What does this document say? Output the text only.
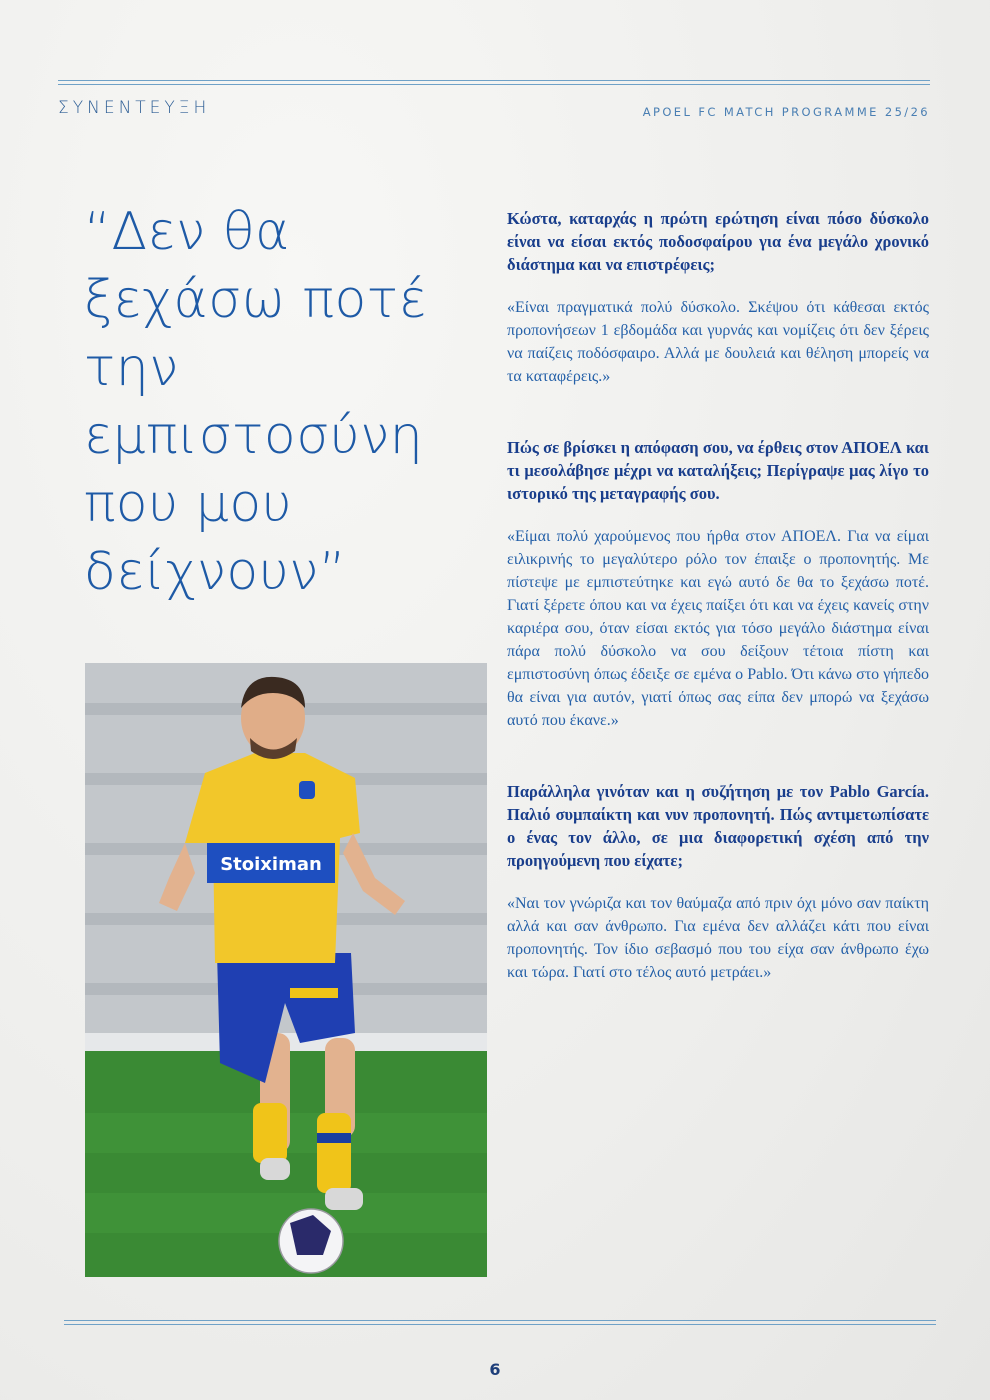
ΣΥΝΕΝΤΕΥΞΗ	APOEL FC MATCH PROGRAMME 25/26
“Δεν θα ξεχάσω ποτέ την εμπιστοσύνη που μου δείχνουν”
Stoiximan

Κώστα, καταρχάς η πρώτη ερώτηση είναι πόσο δύσκολο είναι να είσαι εκτός ποδοσφαίρου για ένα μεγάλο χρονικό διάστημα και να επιστρέφεις;

«Είναι πραγματικά πολύ δύσκολο. Σκέψου ότι κάθεσαι εκτός προπονήσεων 1 εβδομάδα και γυρνάς και νομίζεις ότι δεν ξέρεις να παίζεις ποδόσφαιρο. Αλλά με δουλειά και θέληση μπορείς να τα καταφέρεις.»

Πώς σε βρίσκει η απόφαση σου, να έρθεις στον ΑΠΟΕΛ και τι μεσολάβησε μέχρι να καταλήξεις; Περίγραψε μας λίγο το ιστορικό της μεταγραφής σου.

«Είμαι πολύ χαρούμενος που ήρθα στον ΑΠΟΕΛ. Για να είμαι ειλικρινής το μεγαλύτερο ρόλο τον έπαιξε ο προπονητής. Με πίστεψε με εμπιστεύτηκε και εγώ αυτό δε θα το ξεχάσω ποτέ. Γιατί ξέρετε όπου και να έχεις παίξει ότι και να έχεις κανείς στην καριέρα σου, όταν είσαι εκτός για τόσο μεγάλο διάστημα είναι πάρα πολύ δύσκολο να σου δείξουν τέτοια πίστη και εμπιστοσύνη όπως έδειξε σε εμένα ο Pablo. Ότι κάνω στο γήπεδο θα είναι για αυτόν, γιατί όπως σας είπα δεν μπορώ να ξεχάσω αυτό που έκανε.»

Παράλληλα γινόταν και η συζήτηση με τον Pablo García. Παλιό συμπαίκτη και νυν προπονητή. Πώς αντιμετωπίσατε ο ένας τον άλλο, σε μια διαφορετική σχέση από την προηγούμενη που είχατε;

«Ναι τον γνώριζα και τον θαύμαζα από πριν όχι μόνο σαν παίκτη αλλά και σαν άνθρωπο. Για εμένα δεν αλλάζει κάτι που είναι προπονητής. Τον ίδιο σεβασμό που του είχα σαν άνθρωπο έχω και τώρα. Γιατί στο τέλος αυτό μετράει.»

6
